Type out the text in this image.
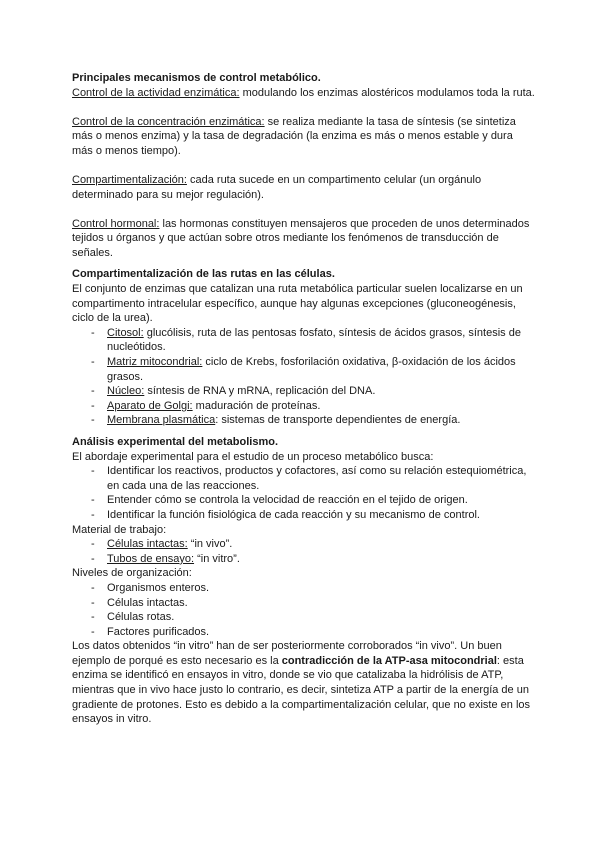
Principales mecanismos de control metabólico.

Control de la actividad enzimática: modulando los enzimas alostéricos modulamos toda la ruta.

Control de la concentración enzimática: se realiza mediante la tasa de síntesis (se sintetiza más o menos enzima) y la tasa de degradación (la enzima es más o menos estable y dura más o menos tiempo).

Compartimentalización: cada ruta sucede en un compartimento celular (un orgánulo determinado para su mejor regulación).

Control hormonal: las hormonas constituyen mensajeros que proceden de unos determinados tejidos u órganos y que actúan sobre otros mediante los fenómenos de transducción de señales.

Compartimentalización de las rutas en las células.

El conjunto de enzimas que catalizan una ruta metabólica particular suelen localizarse en un compartimento intracelular específico, aunque hay algunas excepciones (gluconeogénesis, ciclo de la urea).

- Citosol: glucólisis, ruta de las pentosas fosfato, síntesis de ácidos grasos, síntesis de nucleótidos.
- Matriz mitocondrial: ciclo de Krebs, fosforilación oxidativa, β-oxidación de los ácidos grasos.
- Núcleo: síntesis de RNA y mRNA, replicación del DNA.
- Aparato de Golgi: maduración de proteínas.
- Membrana plasmática: sistemas de transporte dependientes de energía.

Análisis experimental del metabolismo.

El abordaje experimental para el estudio de un proceso metabólico busca:

- Identificar los reactivos, productos y cofactores, así como su relación estequiométrica, en cada una de las reacciones.
- Entender cómo se controla la velocidad de reacción en el tejido de origen.
- Identificar la función fisiológica de cada reacción y su mecanismo de control.

Material de trabajo:

- Células intactas: “in vivo”.
- Tubos de ensayo: “in vitro”.

Niveles de organización:

- Organismos enteros.
- Células intactas.
- Células rotas.
- Factores purificados.

Los datos obtenidos “in vitro” han de ser posteriormente corroborados “in vivo”. Un buen ejemplo de porqué es esto necesario es la contradicción de la ATP-asa mitocondrial: esta enzima se identificó en ensayos in vitro, donde se vio que catalizaba la hidrólisis de ATP, mientras que in vivo hace justo lo contrario, es decir, sintetiza ATP a partir de la energía de un gradiente de protones. Esto es debido a la compartimentalización celular, que no existe en los ensayos in vitro.
